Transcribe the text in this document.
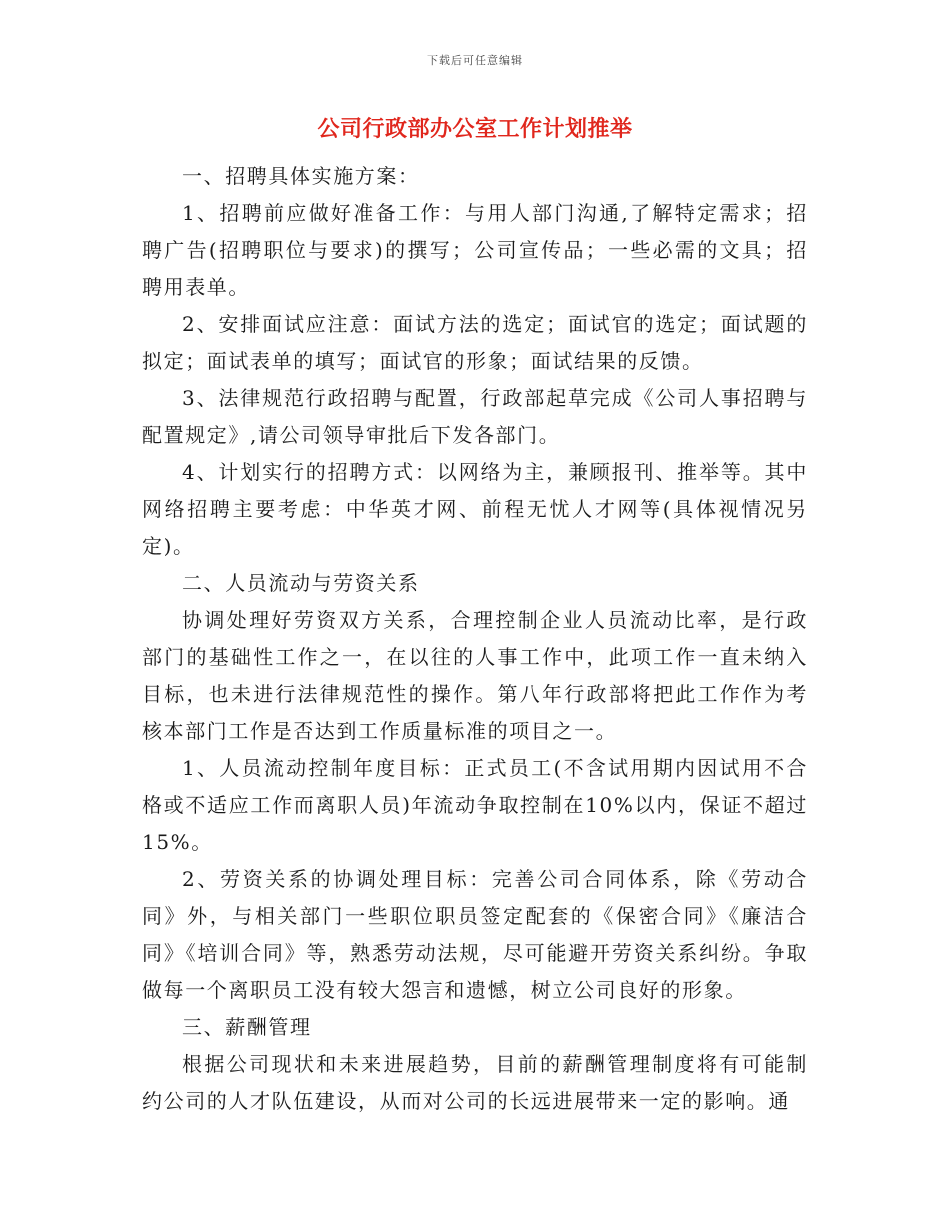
下载后可任意编辑
公司行政部办公室工作计划推举

一、招聘具体实施方案：

1、招聘前应做好准备工作：与用人部门沟通,了解特定需求；招聘广告(招聘职位与要求)的撰写；公司宣传品；一些必需的文具；招聘用表单。

2、安排面试应注意：面试方法的选定；面试官的选定；面试题的拟定；面试表单的填写；面试官的形象；面试结果的反馈。

3、法律规范行政招聘与配置，行政部起草完成《公司人事招聘与配置规定》,请公司领导审批后下发各部门。

4、计划实行的招聘方式：以网络为主，兼顾报刊、推举等。其中网络招聘主要考虑：中华英才网、前程无忧人才网等(具体视情况另定)。

二、人员流动与劳资关系

协调处理好劳资双方关系，合理控制企业人员流动比率，是行政部门的基础性工作之一，在以往的人事工作中，此项工作一直未纳入目标，也未进行法律规范性的操作。第八年行政部将把此工作作为考核本部门工作是否达到工作质量标准的项目之一。

1、人员流动控制年度目标：正式员工(不含试用期内因试用不合格或不适应工作而离职人员)年流动争取控制在10%以内，保证不超过15%。

2、劳资关系的协调处理目标：完善公司合同体系，除《劳动合同》外，与相关部门一些职位职员签定配套的《保密合同》《廉洁合同》《培训合同》等，熟悉劳动法规，尽可能避开劳资关系纠纷。争取做每一个离职员工没有较大怨言和遗憾，树立公司良好的形象。

三、薪酬管理

根据公司现状和未来进展趋势，目前的薪酬管理制度将有可能制约公司的人才队伍建设，从而对公司的长远进展带来一定的影响。通
